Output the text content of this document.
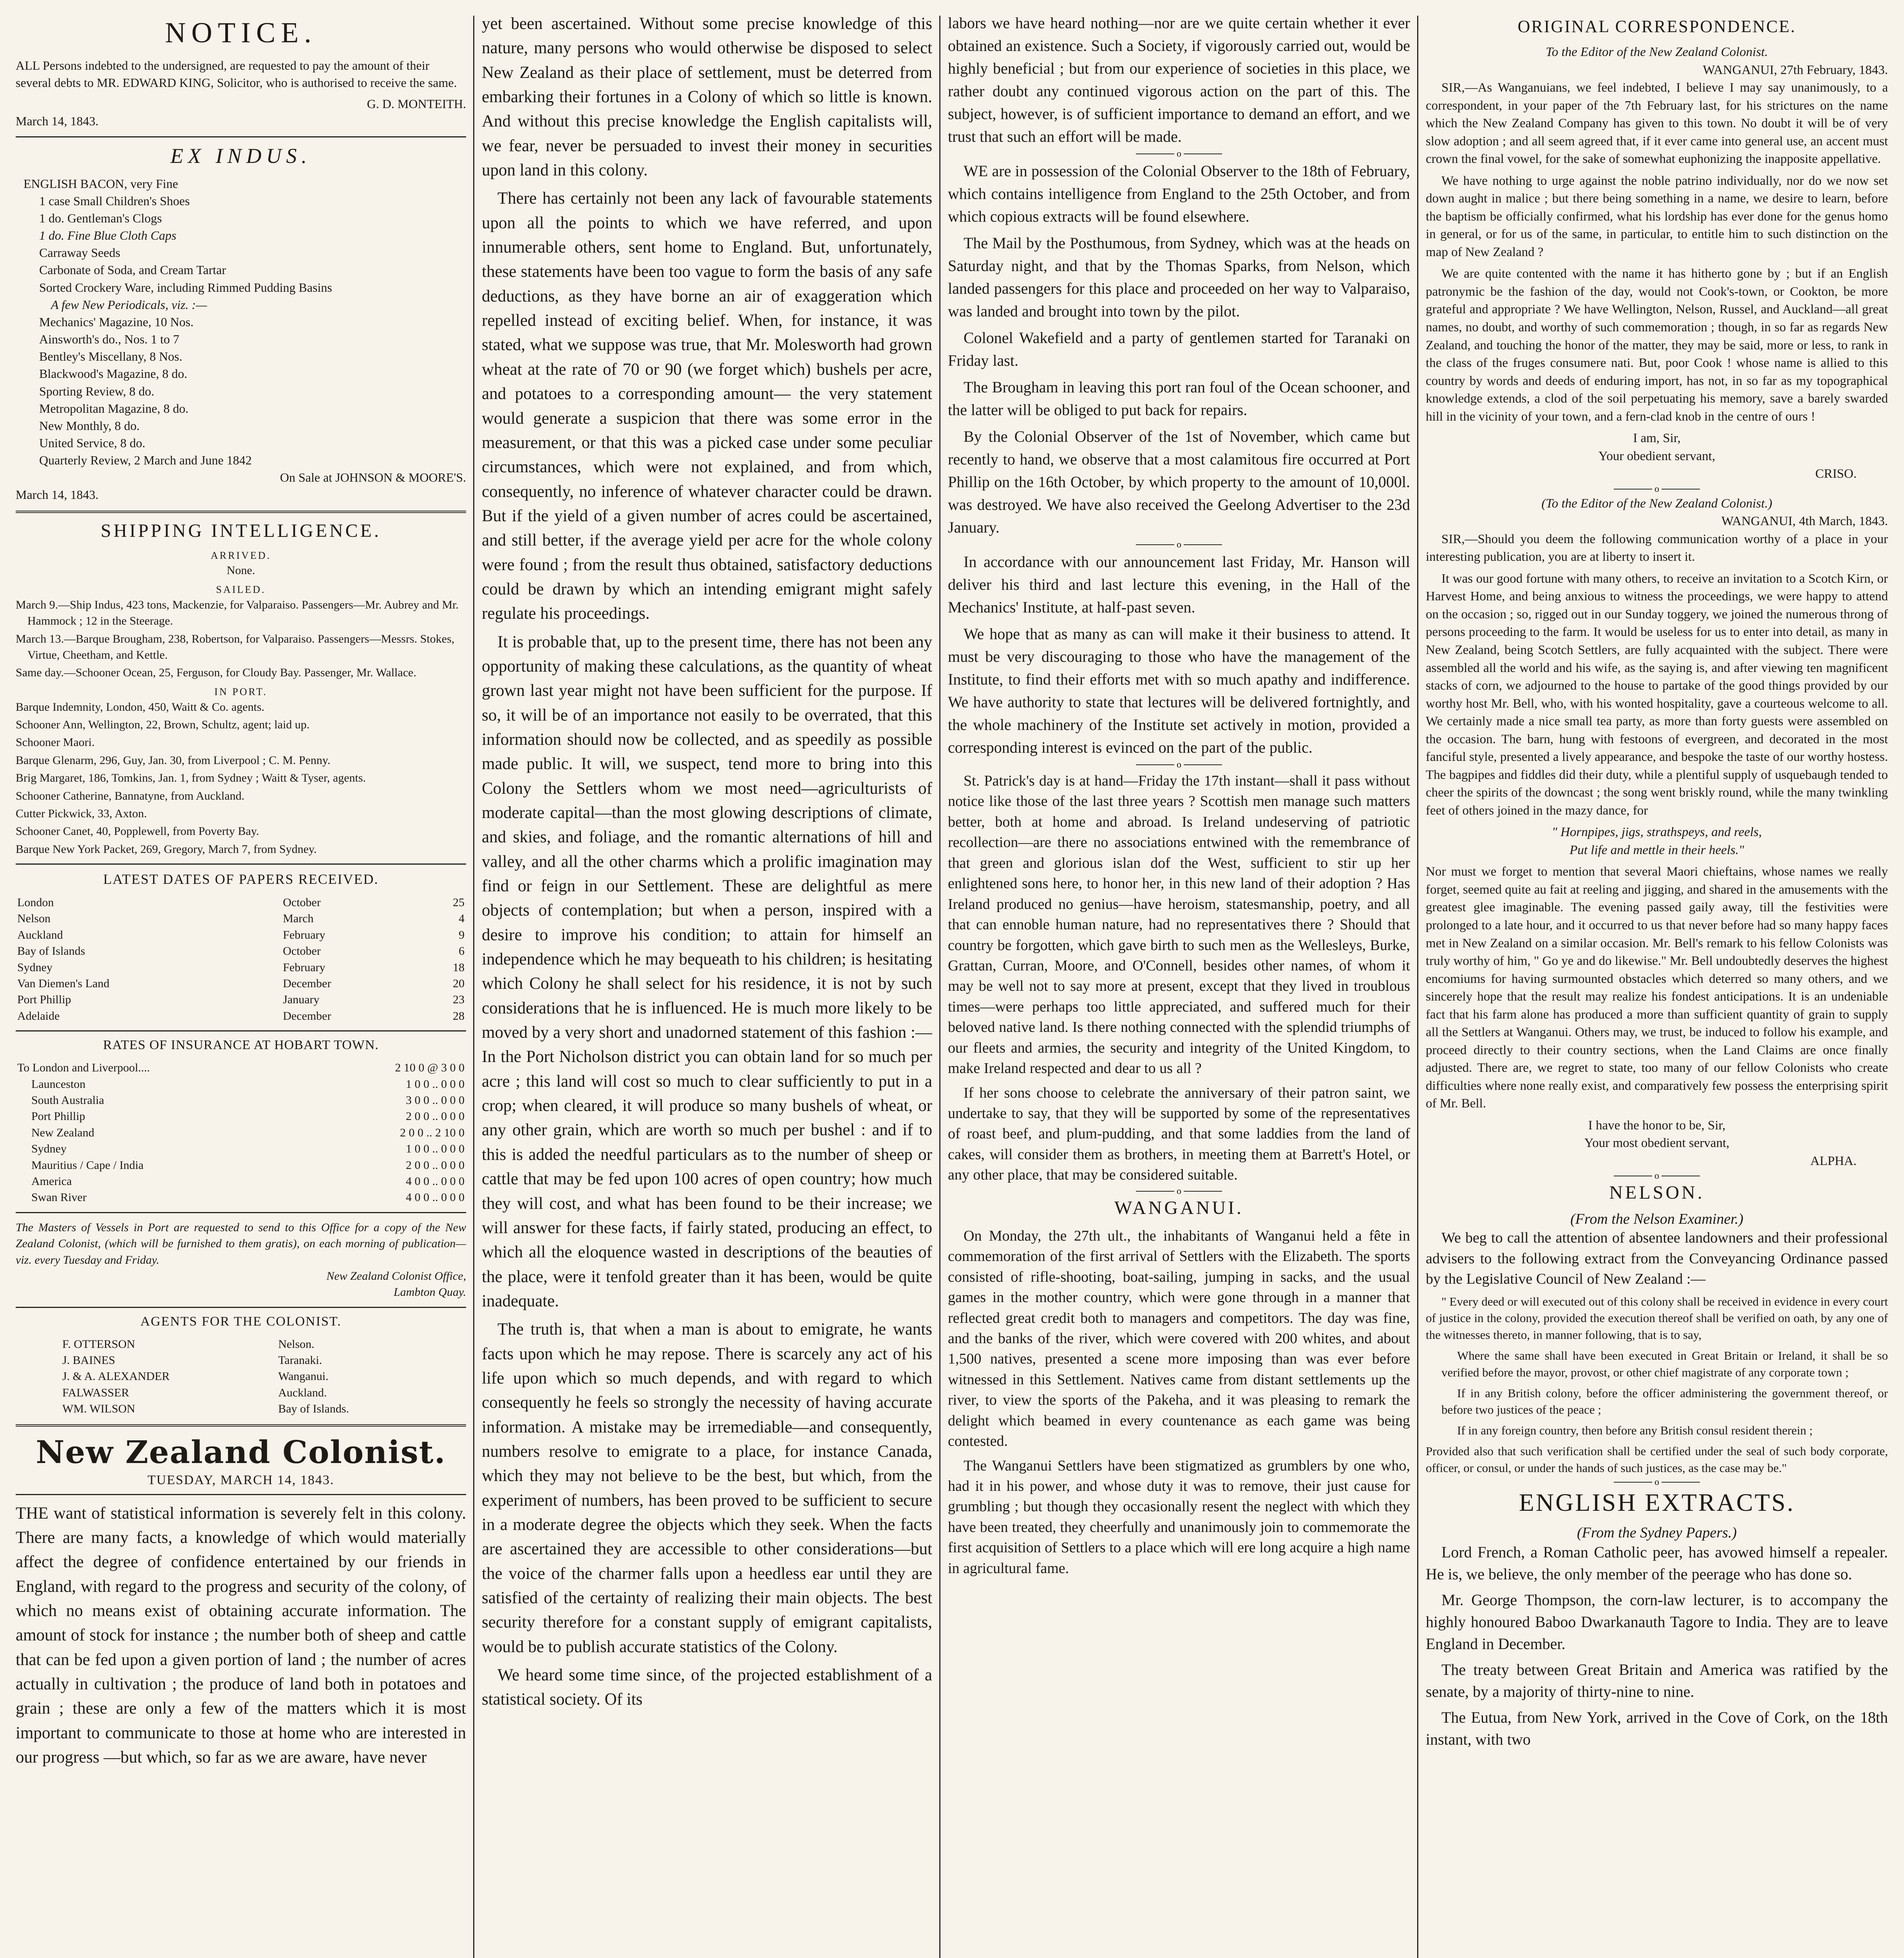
NOTICE.
ALL Persons indebted to the undersigned, are requested to pay the amount of their several debts to MR. EDWARD KING, Solicitor, who is authorised to receive the same.
G. D. MONTEITH.
March 14, 1843.
EX INDUS.
ENGLISH BACON, very Fine
1 case Small Children's Shoes
1 do. Gentleman's Clogs
1 do. Fine Blue Cloth Caps
Carraway Seeds
Carbonate of Soda, and Cream Tartar
Sorted Crockery Ware, including Rimmed Pudding Basins
A few New Periodicals, viz. :—
Mechanics' Magazine, 10 Nos.
Ainsworth's do., Nos. 1 to 7
Bentley's Miscellany, 8 Nos.
Blackwood's Magazine, 8 do.
Sporting Review, 8 do.
Metropolitan Magazine, 8 do.
New Monthly, 8 do.
United Service, 8 do.
Quarterly Review, 2 March and June 1842
On Sale at JOHNSON & MOORE'S.
March 14, 1843.
SHIPPING INTELLIGENCE.
ARRIVED.
None.
SAILED.
March 9.—Ship Indus, 423 tons, Mackenzie, for Valparaiso. Passengers—Mr. Aubrey and Mr. Hammock ; 12 in the Steerage.
March 13.—Barque Brougham, 238, Robertson, for Valparaiso. Passengers—Messrs. Stokes, Virtue, Cheetham, and Kettle.
Same day.—Schooner Ocean, 25, Ferguson, for Cloudy Bay. Passenger, Mr. Wallace.
IN PORT.
Barque Indemnity, London, 450, Waitt & Co. agents.
Schooner Ann, Wellington, 22, Brown, Schultz, agent; laid up.
Schooner Maori.
Barque Glenarm, 296, Guy, Jan. 30, from Liverpool ; C. M. Penny.
Brig Margaret, 186, Tomkins, Jan. 1, from Sydney ; Waitt & Tyser, agents.
Schooner Catherine, Bannatyne, from Auckland.
Cutter Pickwick, 33, Axton.
Schooner Canet, 40, Popplewell, from Poverty Bay.
Barque New York Packet, 269, Gregory, March 7, from Sydney.
LATEST DATES OF PAPERS RECEIVED.
London	October	25
Nelson	March	4
Auckland	February	9
Bay of Islands	October	6
Sydney	February	18
Van Diemen's Land	December	20
Port Phillip	January	23
Adelaide	December	28
RATES OF INSURANCE AT HOBART TOWN.
To London and Liverpool....	2 10 0 @ 3 0 0
Launceston	1 0 0 .. 0 0 0
South Australia	3 0 0 .. 0 0 0
Port Phillip	2 0 0 .. 0 0 0
New Zealand	2 0 0 .. 2 10 0
Sydney	1 0 0 .. 0 0 0
Mauritius / Cape / India	2 0 0 .. 0 0 0
America	4 0 0 .. 0 0 0
Swan River	4 0 0 .. 0 0 0
The Masters of Vessels in Port are requested to send to this Office for a copy of the New Zealand Colonist, (which will be furnished to them gratis), on each morning of publication—viz. every Tuesday and Friday.
New Zealand Colonist Office,
Lambton Quay.
AGENTS FOR THE COLONIST.
F. OTTERSON	Nelson.
J. BAINES	Taranaki.
J. & A. ALEXANDER	Wanganui.
FALWASSER	Auckland.
WM. WILSON	Bay of Islands.
New Zealand Colonist.
TUESDAY, MARCH 14, 1843.

THE want of statistical information is severely felt in this colony. There are many facts, a knowledge of which would materially affect the degree of confidence entertained by our friends in England, with regard to the progress and security of the colony, of which no means exist of obtaining accurate information. The amount of stock for instance ; the number both of sheep and cattle that can be fed upon a given portion of land ; the number of acres actually in cultivation ; the produce of land both in potatoes and grain ; these are only a few of the matters which it is most important to communicate to those at home who are interested in our progress —but which, so far as we are aware, have never

yet been ascertained. Without some precise knowledge of this nature, many persons who would otherwise be disposed to select New Zealand as their place of settlement, must be deterred from embarking their fortunes in a Colony of which so little is known. And without this precise knowledge the English capitalists will, we fear, never be persuaded to invest their money in securities upon land in this colony.

There has certainly not been any lack of favourable statements upon all the points to which we have referred, and upon innumerable others, sent home to England. But, unfortunately, these statements have been too vague to form the basis of any safe deductions, as they have borne an air of exaggeration which repelled instead of exciting belief. When, for instance, it was stated, what we suppose was true, that Mr. Molesworth had grown wheat at the rate of 70 or 90 (we forget which) bushels per acre, and potatoes to a corresponding amount— the very statement would generate a suspicion that there was some error in the measurement, or that this was a picked case under some peculiar circumstances, which were not explained, and from which, consequently, no inference of whatever character could be drawn. But if the yield of a given number of acres could be ascertained, and still better, if the average yield per acre for the whole colony were found ; from the result thus obtained, satisfactory deductions could be drawn by which an intending emigrant might safely regulate his proceedings.

It is probable that, up to the present time, there has not been any opportunity of making these calculations, as the quantity of wheat grown last year might not have been sufficient for the purpose. If so, it will be of an importance not easily to be overrated, that this information should now be collected, and as speedily as possible made public. It will, we suspect, tend more to bring into this Colony the Settlers whom we most need—agriculturists of moderate capital—than the most glowing descriptions of climate, and skies, and foliage, and the romantic alternations of hill and valley, and all the other charms which a prolific imagination may find or feign in our Settlement. These are delightful as mere objects of contemplation; but when a person, inspired with a desire to improve his condition; to attain for himself an independence which he may bequeath to his children; is hesitating which Colony he shall select for his residence, it is not by such considerations that he is influenced. He is much more likely to be moved by a very short and unadorned statement of this fashion :—In the Port Nicholson district you can obtain land for so much per acre ; this land will cost so much to clear sufficiently to put in a crop; when cleared, it will produce so many bushels of wheat, or any other grain, which are worth so much per bushel : and if to this is added the needful particulars as to the number of sheep or cattle that may be fed upon 100 acres of open country; how much they will cost, and what has been found to be their increase; we will answer for these facts, if fairly stated, producing an effect, to which all the eloquence wasted in descriptions of the beauties of the place, were it tenfold greater than it has been, would be quite inadequate.

The truth is, that when a man is about to emigrate, he wants facts upon which he may repose. There is scarcely any act of his life upon which so much depends, and with regard to which consequently he feels so strongly the necessity of having accurate information. A mistake may be irremediable—and consequently, numbers resolve to emigrate to a place, for instance Canada, which they may not believe to be the best, but which, from the experiment of numbers, has been proved to be sufficient to secure in a moderate degree the objects which they seek. When the facts are ascertained they are accessible to other considerations—but the voice of the charmer falls upon a heedless ear until they are satisfied of the certainty of realizing their main objects. The best security therefore for a constant supply of emigrant capitalists, would be to publish accurate statistics of the Colony.

We heard some time since, of the projected establishment of a statistical society. Of its

labors we have heard nothing—nor are we quite certain whether it ever obtained an existence. Such a Society, if vigorously carried out, would be highly beneficial ; but from our experience of societies in this place, we rather doubt any continued vigorous action on the part of this. The subject, however, is of sufficient importance to demand an effort, and we trust that such an effort will be made.

o

WE are in possession of the Colonial Observer to the 18th of February, which contains intelligence from England to the 25th October, and from which copious extracts will be found elsewhere.

The Mail by the Posthumous, from Sydney, which was at the heads on Saturday night, and that by the Thomas Sparks, from Nelson, which landed passengers for this place and proceeded on her way to Valparaiso, was landed and brought into town by the pilot.

Colonel Wakefield and a party of gentlemen started for Taranaki on Friday last.

The Brougham in leaving this port ran foul of the Ocean schooner, and the latter will be obliged to put back for repairs.

By the Colonial Observer of the 1st of November, which came but recently to hand, we observe that a most calamitous fire occurred at Port Phillip on the 16th October, by which property to the amount of 10,000l. was destroyed. We have also received the Geelong Advertiser to the 23d January.

o

In accordance with our announcement last Friday, Mr. Hanson will deliver his third and last lecture this evening, in the Hall of the Mechanics' Institute, at half-past seven.

We hope that as many as can will make it their business to attend. It must be very discouraging to those who have the management of the Institute, to find their efforts met with so much apathy and indifference. We have authority to state that lectures will be delivered fortnightly, and the whole machinery of the Institute set actively in motion, provided a corresponding interest is evinced on the part of the public.

o

St. Patrick's day is at hand—Friday the 17th instant—shall it pass without notice like those of the last three years ? Scottish men manage such matters better, both at home and abroad. Is Ireland undeserving of patriotic recollection—are there no associations entwined with the remembrance of that green and glorious islan dof the West, sufficient to stir up her enlightened sons here, to honor her, in this new land of their adoption ? Has Ireland produced no genius—have heroism, statesmanship, poetry, and all that can ennoble human nature, had no representatives there ? Should that country be forgotten, which gave birth to such men as the Wellesleys, Burke, Grattan, Curran, Moore, and O'Connell, besides other names, of whom it may be well not to say more at present, except that they lived in troublous times—were perhaps too little appreciated, and suffered much for their beloved native land. Is there nothing connected with the splendid triumphs of our fleets and armies, the security and integrity of the United Kingdom, to make Ireland respected and dear to us all ?

If her sons choose to celebrate the anniversary of their patron saint, we undertake to say, that they will be supported by some of the representatives of roast beef, and plum-pudding, and that some laddies from the land of cakes, will consider them as brothers, in meeting them at Barrett's Hotel, or any other place, that may be considered suitable.

o
WANGANUI.

On Monday, the 27th ult., the inhabitants of Wanganui held a fête in commemoration of the first arrival of Settlers with the Elizabeth. The sports consisted of rifle-shooting, boat-sailing, jumping in sacks, and the usual games in the mother country, which were gone through in a manner that reflected great credit both to managers and competitors. The day was fine, and the banks of the river, which were covered with 200 whites, and about 1,500 natives, presented a scene more imposing than was ever before witnessed in this Settlement. Natives came from distant settlements up the river, to view the sports of the Pakeha, and it was pleasing to remark the delight which beamed in every countenance as each game was being contested.

The Wanganui Settlers have been stigmatized as grumblers by one who, had it in his power, and whose duty it was to remove, their just cause for grumbling ; but though they occasionally resent the neglect with which they have been treated, they cheerfully and unanimously join to commemorate the first acquisition of Settlers to a place which will ere long acquire a high name in agricultural fame.

ORIGINAL CORRESPONDENCE.
To the Editor of the New Zealand Colonist.
WANGANUI, 27th February, 1843.

SIR,—As Wanganuians, we feel indebted, I believe I may say unanimously, to a correspondent, in your paper of the 7th February last, for his strictures on the name which the New Zealand Company has given to this town. No doubt it will be of very slow adoption ; and all seem agreed that, if it ever came into general use, an accent must crown the final vowel, for the sake of somewhat euphonizing the inapposite appellative.

We have nothing to urge against the noble patrino individually, nor do we now set down aught in malice ; but there being something in a name, we desire to learn, before the baptism be officially confirmed, what his lordship has ever done for the genus homo in general, or for us of the same, in particular, to entitle him to such distinction on the map of New Zealand ?

We are quite contented with the name it has hitherto gone by ; but if an English patronymic be the fashion of the day, would not Cook's-town, or Cookton, be more grateful and appropriate ? We have Wellington, Nelson, Russel, and Auckland—all great names, no doubt, and worthy of such commemoration ; though, in so far as regards New Zealand, and touching the honor of the matter, they may be said, more or less, to rank in the class of the fruges consumere nati. But, poor Cook ! whose name is allied to this country by words and deeds of enduring import, has not, in so far as my topographical knowledge extends, a clod of the soil perpetuating his memory, save a barely swarded hill in the vicinity of your town, and a fern-clad knob in the centre of ours !

I am, Sir,
Your obedient servant,
CRISO.
o
(To the Editor of the New Zealand Colonist.)
WANGANUI, 4th March, 1843.

SIR,—Should you deem the following communication worthy of a place in your interesting publication, you are at liberty to insert it.

It was our good fortune with many others, to receive an invitation to a Scotch Kirn, or Harvest Home, and being anxious to witness the proceedings, we were happy to attend on the occasion ; so, rigged out in our Sunday toggery, we joined the numerous throng of persons proceeding to the farm. It would be useless for us to enter into detail, as many in New Zealand, being Scotch Settlers, are fully acquainted with the subject. There were assembled all the world and his wife, as the saying is, and after viewing ten magnificent stacks of corn, we adjourned to the house to partake of the good things provided by our worthy host Mr. Bell, who, with his wonted hospitality, gave a courteous welcome to all. We certainly made a nice small tea party, as more than forty guests were assembled on the occasion. The barn, hung with festoons of evergreen, and decorated in the most fanciful style, presented a lively appearance, and bespoke the taste of our worthy hostess. The bagpipes and fiddles did their duty, while a plentiful supply of usquebaugh tended to cheer the spirits of the downcast ; the song went briskly round, while the many twinkling feet of others joined in the mazy dance, for

" Hornpipes, jigs, strathspeys, and reels,
Put life and mettle in their heels."

Nor must we forget to mention that several Maori chieftains, whose names we really forget, seemed quite au fait at reeling and jigging, and shared in the amusements with the greatest glee imaginable. The evening passed gaily away, till the festivities were prolonged to a late hour, and it occurred to us that never before had so many happy faces met in New Zealand on a similar occasion. Mr. Bell's remark to his fellow Colonists was truly worthy of him, " Go ye and do likewise." Mr. Bell undoubtedly deserves the highest encomiums for having surmounted obstacles which deterred so many others, and we sincerely hope that the result may realize his fondest anticipations. It is an undeniable fact that his farm alone has produced a more than sufficient quantity of grain to supply all the Settlers at Wanganui. Others may, we trust, be induced to follow his example, and proceed directly to their country sections, when the Land Claims are once finally adjusted. There are, we regret to state, too many of our fellow Colonists who create difficulties where none really exist, and comparatively few possess the enterprising spirit of Mr. Bell.

I have the honor to be, Sir,
Your most obedient servant,
ALPHA.
o
NELSON.
(From the Nelson Examiner.)

We beg to call the attention of absentee landowners and their professional advisers to the following extract from the Conveyancing Ordinance passed by the Legislative Council of New Zealand :—

" Every deed or will executed out of this colony shall be received in evidence in every court of justice in the colony, provided the execution thereof shall be verified on oath, by any one of the witnesses thereto, in manner following, that is to say,

Where the same shall have been executed in Great Britain or Ireland, it shall be so verified before the mayor, provost, or other chief magistrate of any corporate town ;

If in any British colony, before the officer administering the government thereof, or before two justices of the peace ;

If in any foreign country, then before any British consul resident therein ;

Provided also that such verification shall be certified under the seal of such body corporate, officer, or consul, or under the hands of such justices, as the case may be."

o
ENGLISH EXTRACTS.
(From the Sydney Papers.)

Lord French, a Roman Catholic peer, has avowed himself a repealer. He is, we believe, the only member of the peerage who has done so.

Mr. George Thompson, the corn-law lecturer, is to accompany the highly honoured Baboo Dwarkanauth Tagore to India. They are to leave England in December.

The treaty between Great Britain and America was ratified by the senate, by a majority of thirty-nine to nine.

The Eutua, from New York, arrived in the Cove of Cork, on the 18th instant, with two
